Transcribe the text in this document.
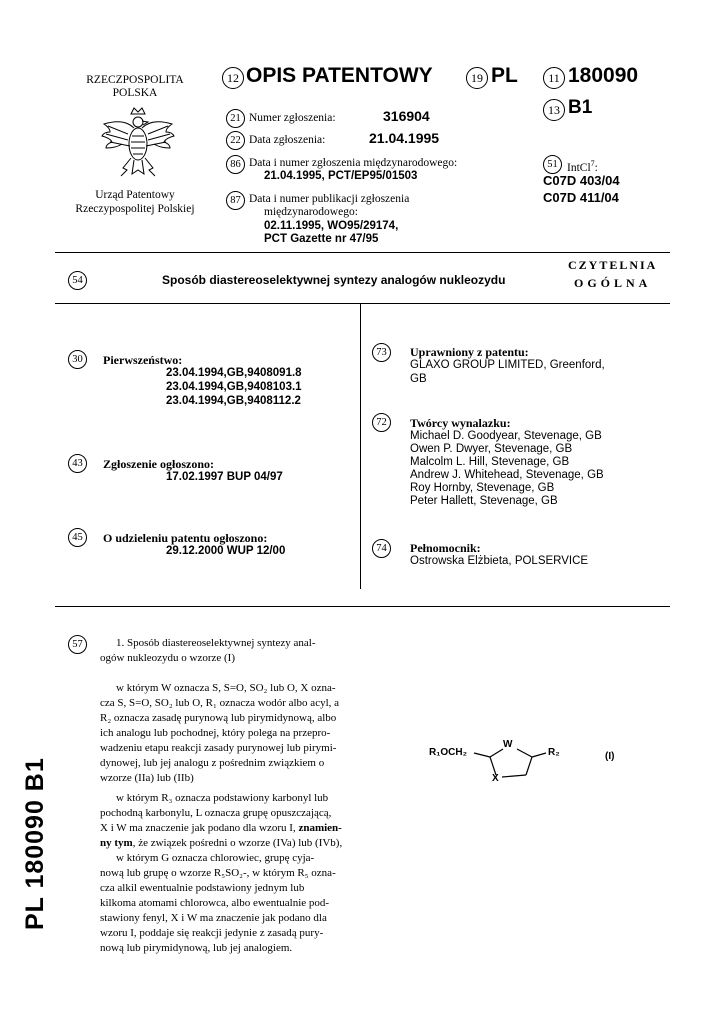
RZECZPOSPOLITA
POLSKA
Urząd Patentowy
Rzeczypospolitej Polskiej
12 OPIS PATENTOWY	19 PL	11 180090
13 B1
21 Numer zgłoszenia:	316904
22 Data zgłoszenia:	21.04.1995
86 Data i numer zgłoszenia międzynarodowego:
21.04.1995, PCT/EP95/01503
87 Data i numer publikacji zgłoszenia
międzynarodowego:
02.11.1995, WO95/29174,
PCT Gazette nr 47/95
51 IntCl$^7$:
C07D 403/04
C07D 411/04
54	Sposób diastereoselektywnej syntezy analogów nukleozydu
CZYTELNIA
OGÓLNA
30	Pierwszeństwo:
23.04.1994,GB,9408091.8
23.04.1994,GB,9408103.1
23.04.1994,GB,9408112.2
43	Zgłoszenie ogłoszono:
17.02.1997 BUP 04/97
45	O udzieleniu patentu ogłoszono:
29.12.2000 WUP 12/00
73	Uprawniony z patentu:
GLAXO GROUP LIMITED, Greenford,
GB
72	Twórcy wynalazku:
Michael D. Goodyear, Stevenage, GB
Owen P. Dwyer, Stevenage, GB
Malcolm L. Hill, Stevenage, GB
Andrew J. Whitehead, Stevenage, GB
Roy Hornby, Stevenage, GB
Peter Hallett, Stevenage, GB
74	Pełnomocnik:
Ostrowska Elżbieta, POLSERVICE
PL 180090 B1
57	1. Sposób diastereoselektywnej syntezy anal-
ogów nukleozydu o wzorze (I)
w którym W oznacza S, S=O, SO₂ lub O, X ozna-
cza S, S=O, SO₂ lub O, R₁ oznacza wodór albo acyl, a
R₂ oznacza zasadę purynową lub pirymidynową, albo
ich analogu lub pochodnej, który polega na przepro-
wadzeniu etapu reakcji zasady purynowej lub pirymi-
dynowej, lub jej analogu z pośrednim związkiem o
wzorze (IIa) lub (IIb)
w którym R₃ oznacza podstawiony karbonyl lub
pochodną karbonylu, L oznacza grupę opuszczającą,
X i W ma znaczenie jak podano dla wzoru I, znamien-
ny tym, że związek pośredni o wzorze (IVa) lub (IVb),
w którym G oznacza chlorowiec, grupę cyja-
nową lub grupę o wzorze R₅SO₂-, w którym R₅ ozna-
cza alkil ewentualnie podstawiony jednym lub
kilkoma atomami chlorowca, albo ewentualnie pod-
stawiony fenyl, X i W ma znaczenie jak podano dla
wzoru I, poddaje się reakcji jedynie z zasadą pury-
nową lub pirymidynową, lub jej analogiem.
R₁OCH₂
W
X
R₂	(I)
